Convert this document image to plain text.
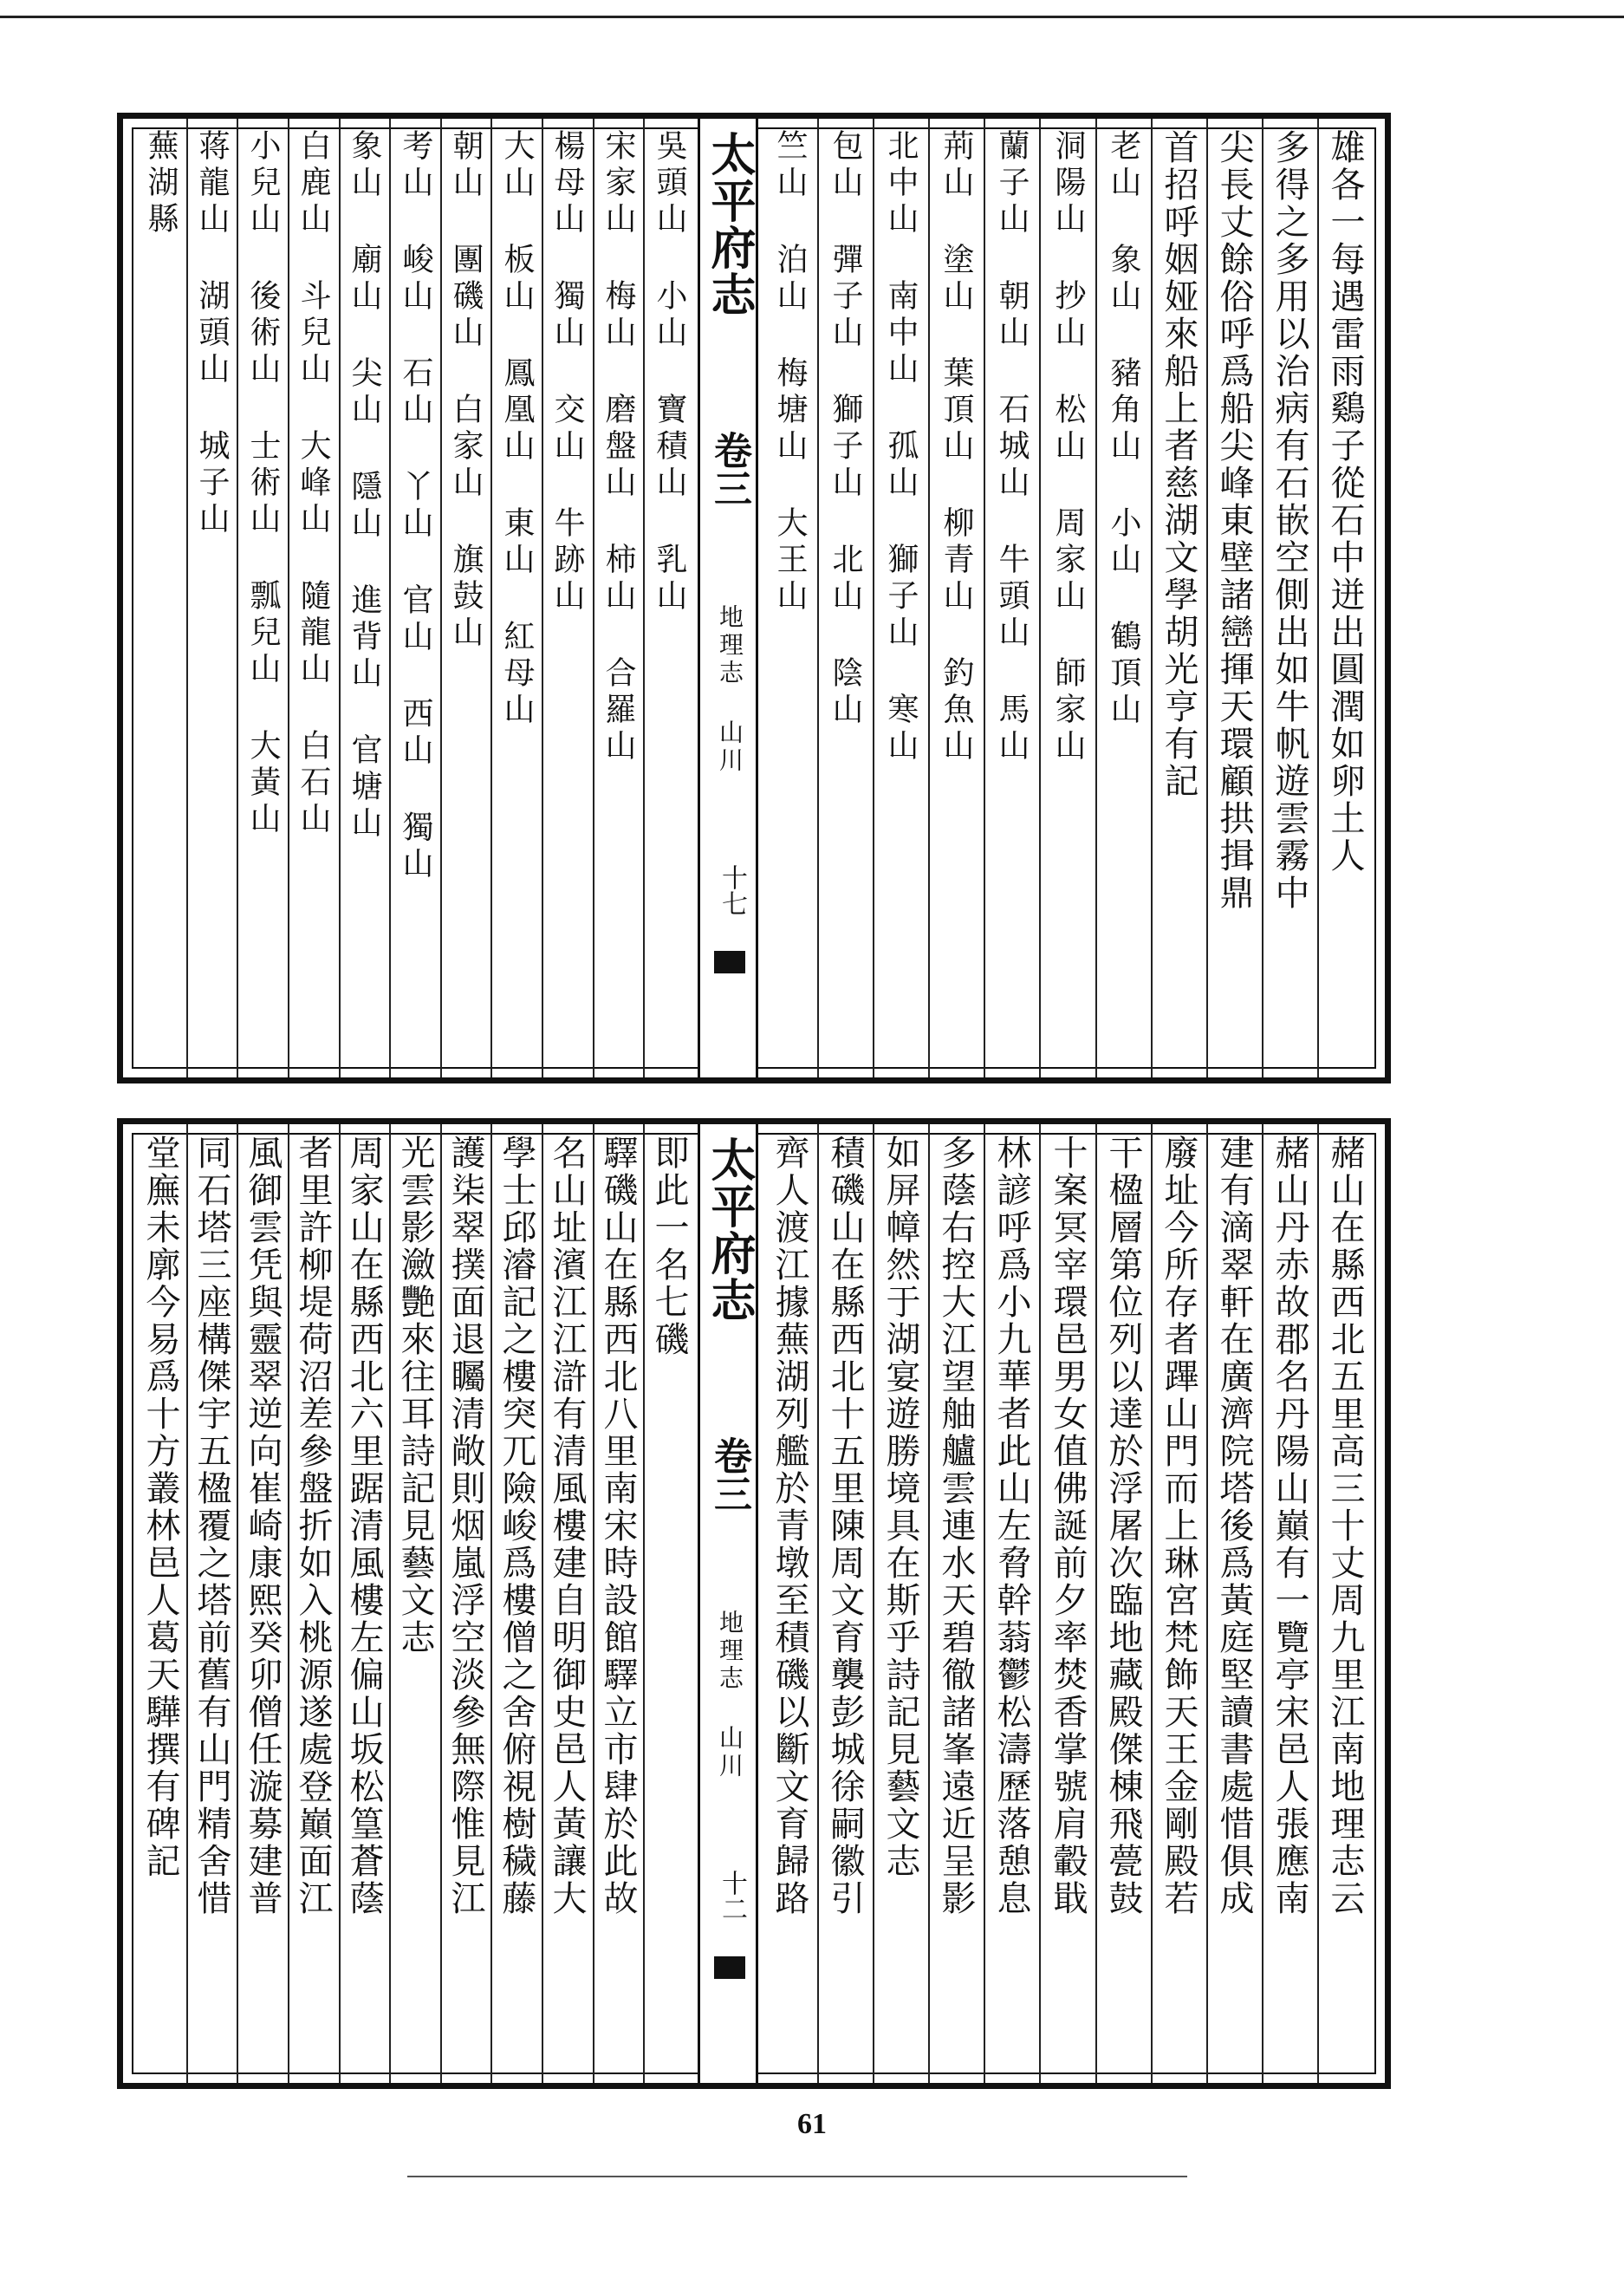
太平府志
卷三
地理志 山川
十七
雄各一每遇雷雨鷄子從石中迸出圓潤如卵土人
多得之多用以治病有石嵌空側出如牛帆遊雲霧中
尖長丈餘俗呼爲船尖峰東壁諸巒揮天環顧拱揖鼎
首招呼姻娅來船上者慈湖文學胡光亨有記
老山 象山 豬角山 小山 鶴頂山
洞陽山 抄山 松山 周家山 師家山
蘭子山 朝山 石城山 牛頭山 馬山
荊山 塗山 葉頂山 柳青山 釣魚山
北中山 南中山 孤山 獅子山 寒山
包山 彈子山 獅子山 北山 陰山
竺山 泊山 梅塘山 大王山
吳頭山 小山 寶積山 乳山
宋家山 梅山 磨盤山 柿山 合羅山
楊母山 獨山 交山 牛跡山
大山 板山 鳳凰山 東山 紅母山
朝山 團磯山 白家山 旗鼓山
考山 峻山 石山 丫山 官山 西山 獨山
象山 廟山 尖山 隱山 進背山 官塘山
白鹿山 斗兒山 大峰山 隨龍山 白石山
小兒山 後術山 士術山 瓢兒山 大黃山
蒋龍山 湖頭山 城子山
蕪湖縣
太平府志
卷三
地理志 山川
十二	赭山在縣西北五里高三十丈周九里江南地理志云
赭山丹赤故郡名丹陽山巔有一覽亭宋邑人張應南
建有滴翠軒在廣濟院塔後爲黃庭堅讀書處惜俱成
廢址今所存者蹕山門而上琳宮梵飾天王金剛殿若
干楹層第位列以達於浮屠次臨地藏殿傑棟飛甍鼓
十案冥宰環邑男女值佛誕前夕率焚香掌號肩轂戢
林諺呼爲小九華者此山左脅幹蓊鬱松濤歷落憩息
多蔭右控大江望舳艫雲連水天碧徹諸峯遠近呈影
如屏幛然于湖宴遊勝境具在斯乎詩記見藝文志
積磯山在縣西北十五里陳周文育襲彭城徐嗣徽引
齊人渡江據蕪湖列艦於青墩至積磯以斷文育歸路
即此一名七磯
驛磯山在縣西北八里南宋時設館驛立市肆於此故
名山址濱江江滸有清風樓建自明御史邑人黃讓大
學士邱濬記之樓突兀險峻爲樓僧之舍俯視樹穢藤
護柒翠撲面退矚清敞則烟嵐浮空淡參無際惟見江
光雲影瀲艷來往耳詩記見藝文志
周家山在縣西北六里踞清風樓左偏山坂松篁蒼蔭
者里許柳堤荷沼差參盤折如入桃源遂處登巔面江
風御雲凭與靈翠逆向崔崎康熙癸卯僧任漩募建普
同石塔三座構傑宇五楹覆之塔前舊有山門精舍惜
堂廡未廓今易爲十方叢林邑人葛天驊撰有碑記
61
